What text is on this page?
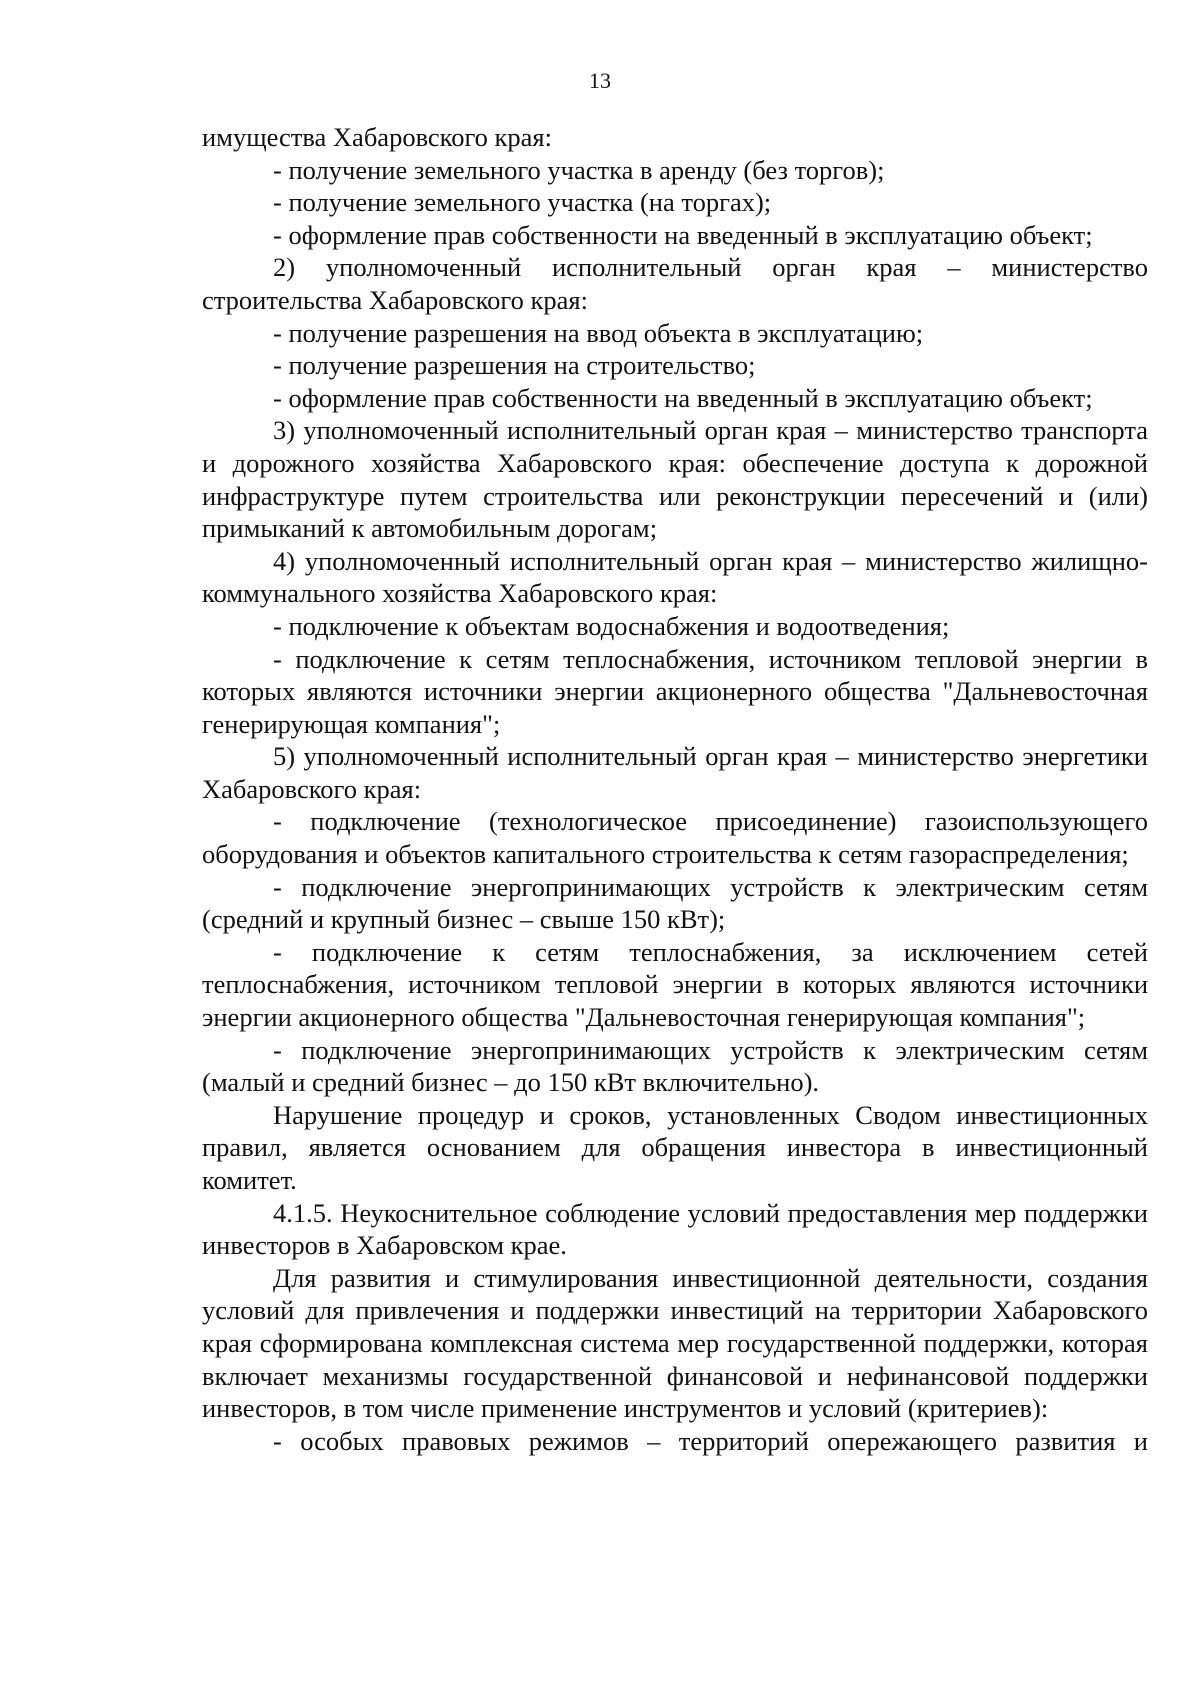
13

имущества Хабаровского края:

- получение земельного участка в аренду (без торгов);

- получение земельного участка (на торгах);

- оформление прав собственности на введенный в эксплуатацию объект;

2) уполномоченный исполнительный орган края – министерство строительства Хабаровского края:

- получение разрешения на ввод объекта в эксплуатацию;

- получение разрешения на строительство;

- оформление прав собственности на введенный в эксплуатацию объект;

3) уполномоченный исполнительный орган края – министерство транспорта и дорожного хозяйства Хабаровского края: обеспечение доступа к дорожной инфраструктуре путем строительства или реконструкции пересечений и (или) примыканий к автомобильным дорогам;

4) уполномоченный исполнительный орган края – министерство жилищно-коммунального хозяйства Хабаровского края:

- подключение к объектам водоснабжения и водоотведения;

- подключение к сетям теплоснабжения, источником тепловой энергии в которых являются источники энергии акционерного общества "Дальневосточная генерирующая компания";

5) уполномоченный исполнительный орган края – министерство энергетики Хабаровского края:

- подключение (технологическое присоединение) газоиспользующего оборудования и объектов капитального строительства к сетям газораспределения;

- подключение энергопринимающих устройств к электрическим сетям (средний и крупный бизнес – свыше 150 кВт);

- подключение к сетям теплоснабжения, за исключением сетей теплоснабжения, источником тепловой энергии в которых являются источники энергии акционерного общества "Дальневосточная генерирующая компания";

- подключение энергопринимающих устройств к электрическим сетям (малый и средний бизнес – до 150 кВт включительно).

Нарушение процедур и сроков, установленных Сводом инвестиционных правил, является основанием для обращения инвестора в инвестиционный комитет.

4.1.5. Неукоснительное соблюдение условий предоставления мер поддержки инвесторов в Хабаровском крае.

Для развития и стимулирования инвестиционной деятельности, создания условий для привлечения и поддержки инвестиций на территории Хабаровского края сформирована комплексная система мер государственной поддержки, которая включает механизмы государственной финансовой и нефинансовой поддержки инвесторов, в том числе применение инструментов и условий (критериев):

- особых правовых режимов – территорий опережающего развития и
